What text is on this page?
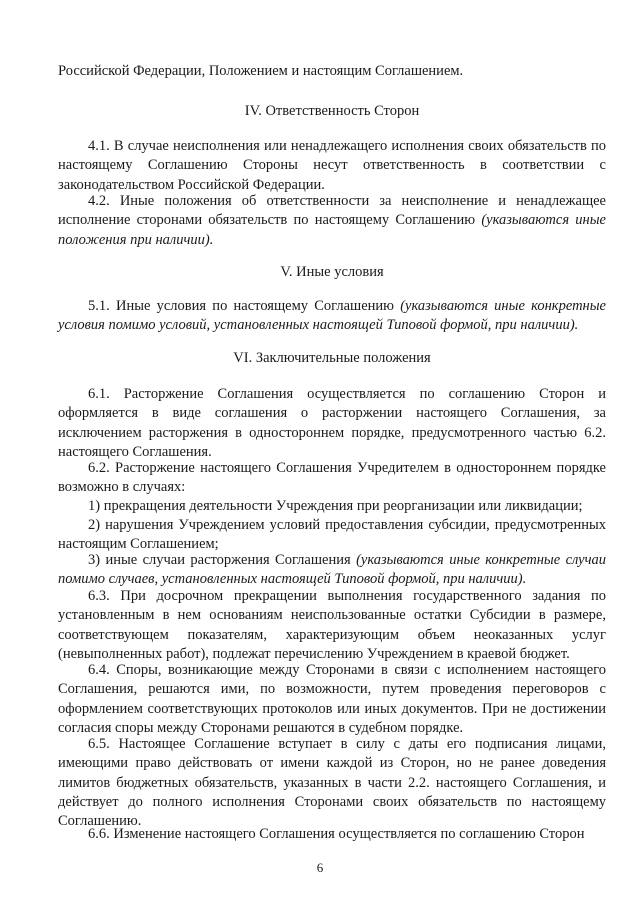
Российской Федерации, Положением и настоящим Соглашением.
IV. Ответственность Сторон
4.1. В случае неисполнения или ненадлежащего исполнения своих обязательств по настоящему Соглашению Стороны несут ответственность в соответствии с законодательством Российской Федерации.
4.2. Иные положения об ответственности за неисполнение и ненадлежащее исполнение сторонами обязательств по настоящему Соглашению (указываются иные положения при наличии).
V. Иные условия
5.1. Иные условия по настоящему Соглашению (указываются иные конкретные условия помимо условий, установленных настоящей Типовой формой, при наличии).
VI. Заключительные положения
6.1. Расторжение Соглашения осуществляется по соглашению Сторон и оформляется в виде соглашения о расторжении настоящего Соглашения, за исключением расторжения в одностороннем порядке, предусмотренного частью 6.2. настоящего Соглашения.
6.2. Расторжение настоящего Соглашения Учредителем в одностороннем порядке возможно в случаях:
1) прекращения деятельности Учреждения при реорганизации или ликвидации;
2) нарушения Учреждением условий предоставления субсидии, предусмотренных настоящим Соглашением;
3) иные случаи расторжения Соглашения (указываются иные конкретные случаи помимо случаев, установленных настоящей Типовой формой, при наличии).
6.3. При досрочном прекращении выполнения государственного задания по установленным в нем основаниям неиспользованные остатки Субсидии в размере, соответствующем показателям, характеризующим объем неоказанных услуг (невыполненных работ), подлежат перечислению Учреждением в краевой бюджет.
6.4. Споры, возникающие между Сторонами в связи с исполнением настоящего Соглашения, решаются ими, по возможности, путем проведения переговоров с оформлением соответствующих протоколов или иных документов. При не достижении согласия споры между Сторонами решаются в судебном порядке.
6.5. Настоящее Соглашение вступает в силу с даты его подписания лицами, имеющими право действовать от имени каждой из Сторон, но не ранее доведения лимитов бюджетных обязательств, указанных в части 2.2. настоящего Соглашения, и действует до полного исполнения Сторонами своих обязательств по настоящему Соглашению.
6.6. Изменение настоящего Соглашения осуществляется по соглашению Сторон
6
